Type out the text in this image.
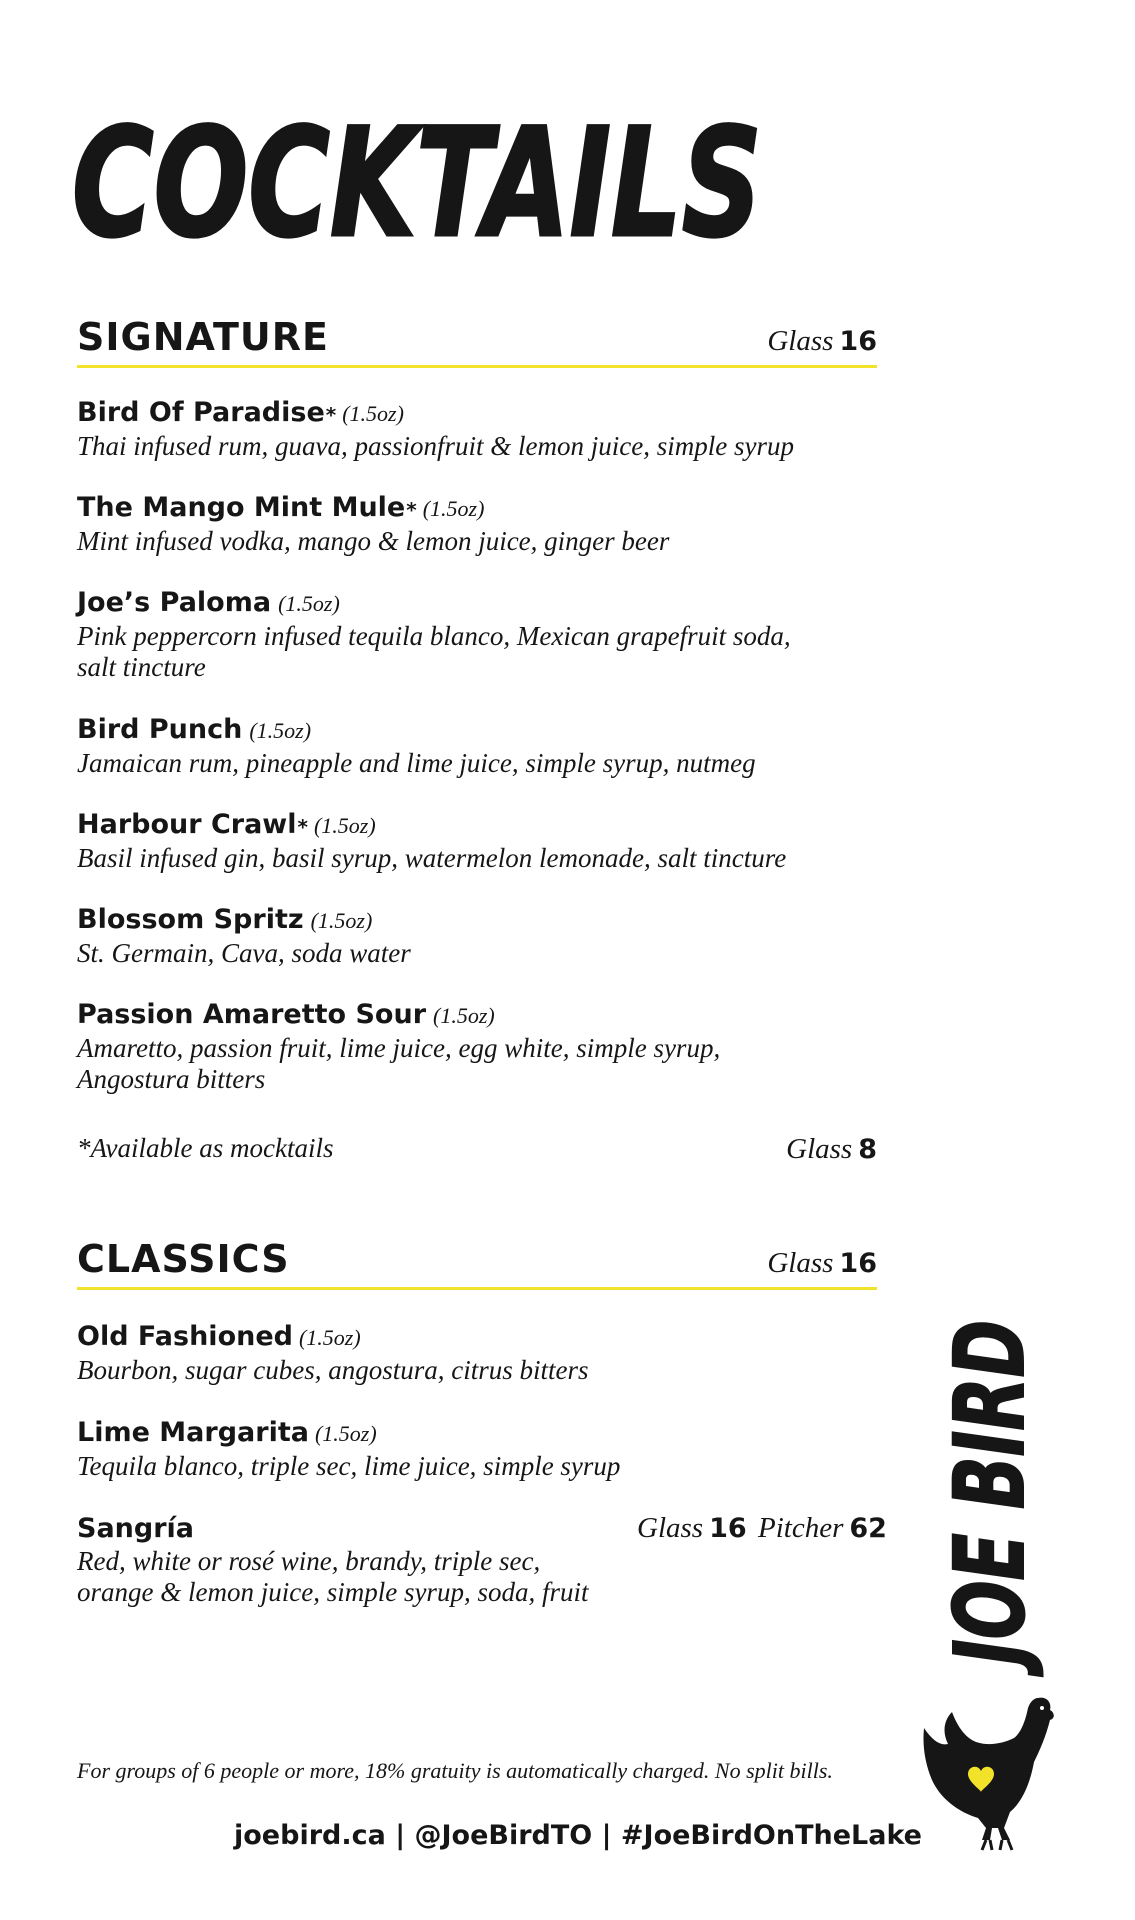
COCKTAILS
SIGNATURE	Glass 16
Bird Of Paradise* (1.5oz)
Thai infused rum, guava, passionfruit & lemon juice, simple syrup
The Mango Mint Mule* (1.5oz)
Mint infused vodka, mango & lemon juice, ginger beer
Joe’s Paloma (1.5oz)
Pink peppercorn infused tequila blanco, Mexican grapefruit soda,
salt tincture
Bird Punch (1.5oz)
Jamaican rum, pineapple and lime juice, simple syrup, nutmeg
Harbour Crawl* (1.5oz)
Basil infused gin, basil syrup, watermelon lemonade, salt tincture
Blossom Spritz (1.5oz)
St. Germain, Cava, soda water
Passion Amaretto Sour (1.5oz)
Amaretto, passion fruit, lime juice, egg white, simple syrup,
Angostura bitters
*Available as mocktails	Glass 8
CLASSICS	Glass 16
Old Fashioned (1.5oz)
Bourbon, sugar cubes, angostura, citrus bitters
Lime Margarita (1.5oz)
Tequila blanco, triple sec, lime juice, simple syrup
Sangría
Red, white or rosé wine, brandy, triple sec,
orange & lemon juice, simple syrup, soda, fruit
Glass 16 Pitcher 62 JOE BIRD
For groups of 6 people or more, 18% gratuity is automatically charged. No split bills.
joebird.ca | @JoeBirdTO | #JoeBirdOnTheLake
